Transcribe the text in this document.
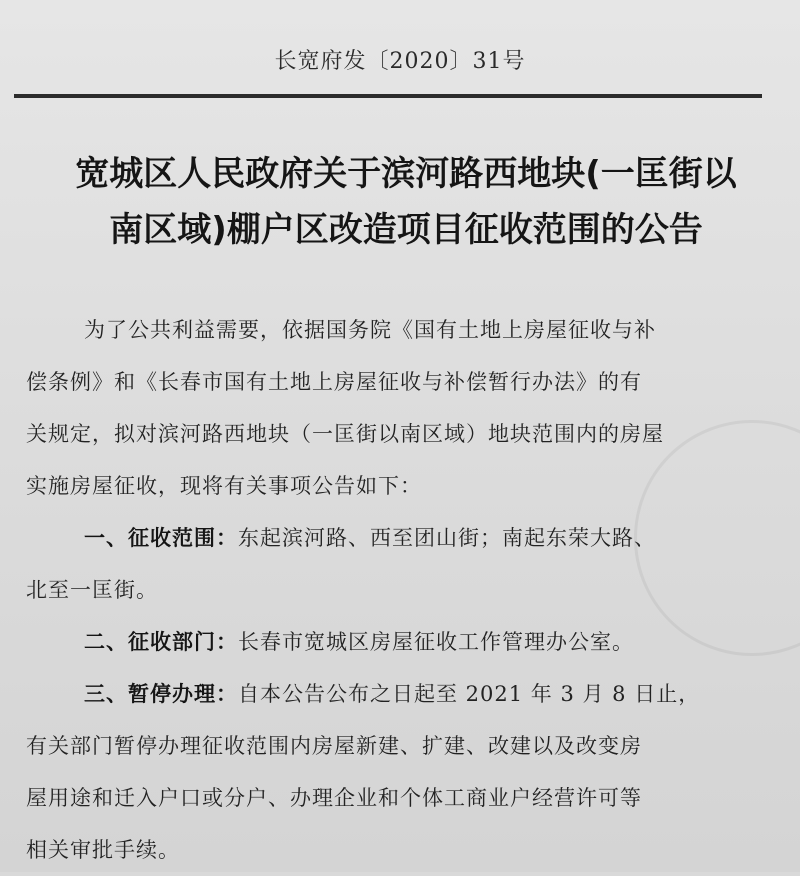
长宽府发〔2020〕31号
宽城区人民政府关于滨河路西地块(一匡街以
南区域)棚户区改造项目征收范围的公告
为了公共利益需要，依据国务院《国有土地上房屋征收与补
偿条例》和《长春市国有土地上房屋征收与补偿暂行办法》的有
关规定，拟对滨河路西地块（一匡街以南区域）地块范围内的房屋
实施房屋征收，现将有关事项公告如下：
一、征收范围：东起滨河路、西至团山街；南起东荣大路、
北至一匡街。
二、征收部门：长春市宽城区房屋征收工作管理办公室。
三、暂停办理：自本公告公布之日起至 2021 年 3 月 8 日止，
有关部门暂停办理征收范围内房屋新建、扩建、改建以及改变房
屋用途和迁入户口或分户、办理企业和个体工商业户经营许可等
相关审批手续。
